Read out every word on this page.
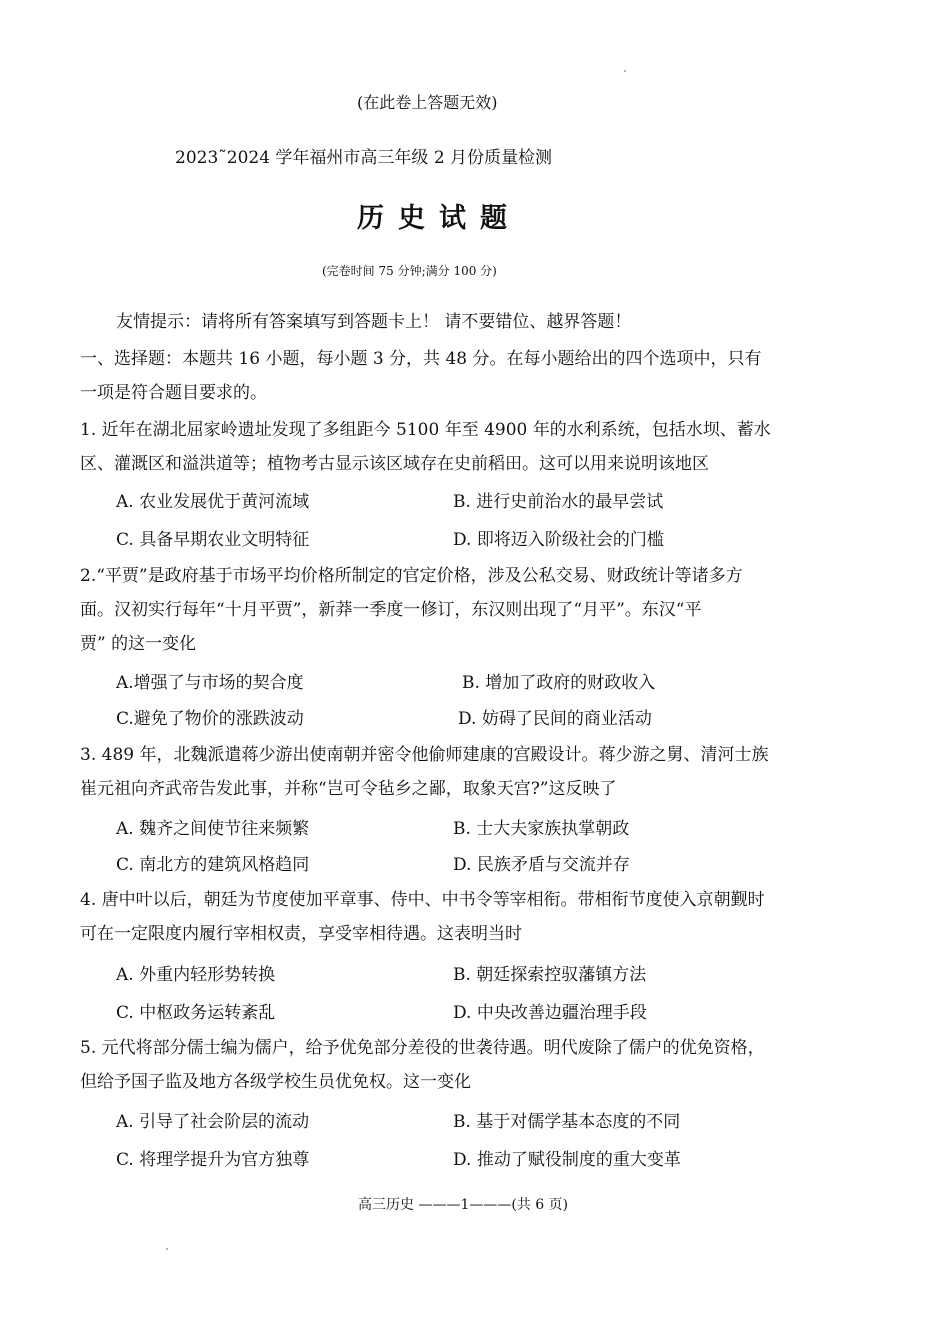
(在此卷上答题无效)
2023˜2024 学年福州市高三年级 2 月份质量检测
历史试题
(完卷时间 75 分钟;满分 100 分)
友情提示：请将所有答案填写到答题卡上！ 请不要错位、越界答题！
一、选择题：本题共 16 小题，每小题 3 分，共 48 分。在每小题给出的四个选项中，只有
一项是符合题目要求的。
1. 近年在湖北屈家岭遗址发现了多组距今 5100 年至 4900 年的水利系统，包括水坝、蓄水
区、灌溉区和溢洪道等；植物考古显示该区域存在史前稻田。这可以用来说明该地区
A. 农业发展优于黄河流域	B. 进行史前治水的最早尝试
C. 具备早期农业文明特征	D. 即将迈入阶级社会的门槛
2.“平贾”是政府基于市场平均价格所制定的官定价格，涉及公私交易、财政统计等诸多方
面。汉初实行每年“十月平贾”，新莽一季度一修订，东汉则出现了“月平”。东汉“平
贾” 的这一变化
A.增强了与市场的契合度	B. 增加了政府的财政收入
C.避免了物价的涨跌波动	D. 妨碍了民间的商业活动
3. 489 年，北魏派遣蒋少游出使南朝并密令他偷师建康的宫殿设计。蒋少游之舅、清河士族
崔元祖向齐武帝告发此事，并称“岂可令毡乡之鄙，取象天宫?”这反映了
A. 魏齐之间使节往来频繁	B. 士大夫家族执掌朝政
C. 南北方的建筑风格趋同	D. 民族矛盾与交流并存
4. 唐中叶以后，朝廷为节度使加平章事、侍中、中书令等宰相衔。带相衔节度使入京朝觐时
可在一定限度内履行宰相权责，享受宰相待遇。这表明当时
A. 外重内轻形势转换	B. 朝廷探索控驭藩镇方法
C. 中枢政务运转紊乱	D. 中央改善边疆治理手段
5. 元代将部分儒士编为儒户，给予优免部分差役的世袭待遇。明代废除了儒户的优免资格，
但给予国子监及地方各级学校生员优免权。这一变化
A. 引导了社会阶层的流动	B. 基于对儒学基本态度的不同
C. 将理学提升为官方独尊	D. 推动了赋役制度的重大变革
高三历史 ———1———(共 6 页)
